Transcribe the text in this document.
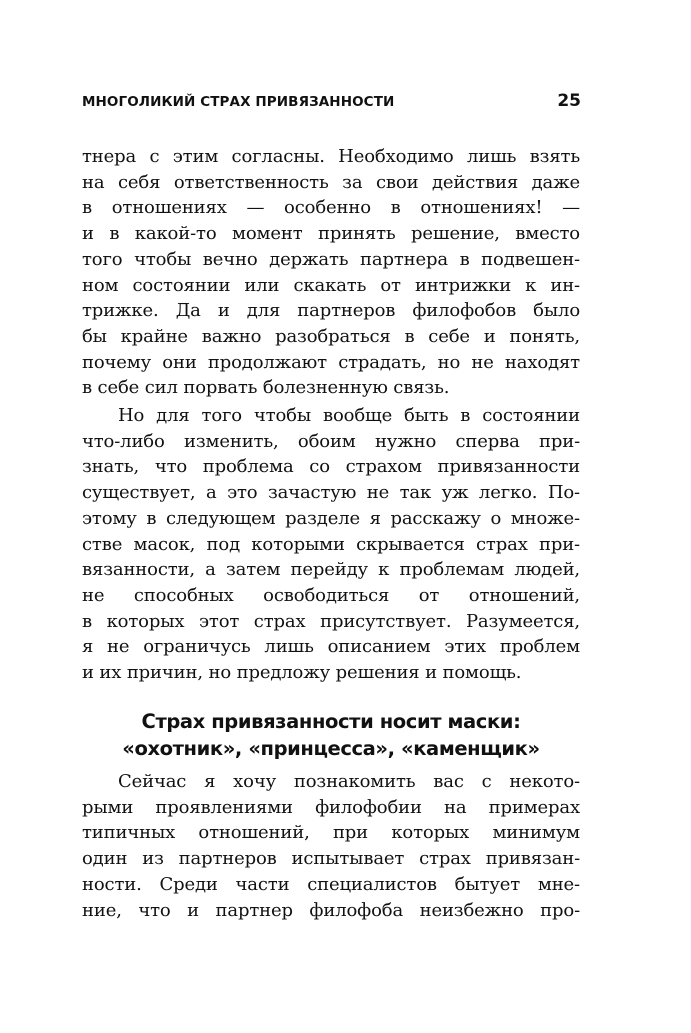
МНОГОЛИКИЙ СТРАХ ПРИВЯЗАННОСТИ	25
тнера с этим согласны. Необходимо лишь взять
на себя ответственность за свои действия даже
в отношениях — особенно в отношениях! —
и в какой-то момент принять решение, вместо
того чтобы вечно держать партнера в подвешен-
ном состоянии или скакать от интрижки к ин-
трижке. Да и для партнеров филофобов было
бы крайне важно разобраться в себе и понять,
почему они продолжают страдать, но не находят
в себе сил порвать болезненную связь.
Но для того чтобы вообще быть в состоянии
что-либо изменить, обоим нужно сперва при-
знать, что проблема со страхом привязанности
существует, а это зачастую не так уж легко. По-
этому в следующем разделе я расскажу о множе-
стве масок, под которыми скрывается страх при-
вязанности, а затем перейду к проблемам людей,
не способных освободиться от отношений,
в которых этот страх присутствует. Разумеется,
я не ограничусь лишь описанием этих проблем
и их причин, но предложу решения и помощь.
Страх привязанности носит маски:
«охотник», «принцесса», «каменщик»
Сейчас я хочу познакомить вас с некото-
рыми проявлениями филофобии на примерах
типичных отношений, при которых минимум
один из партнеров испытывает страх привязан-
ности. Среди части специалистов бытует мне-
ние, что и партнер филофоба неизбежно про-
